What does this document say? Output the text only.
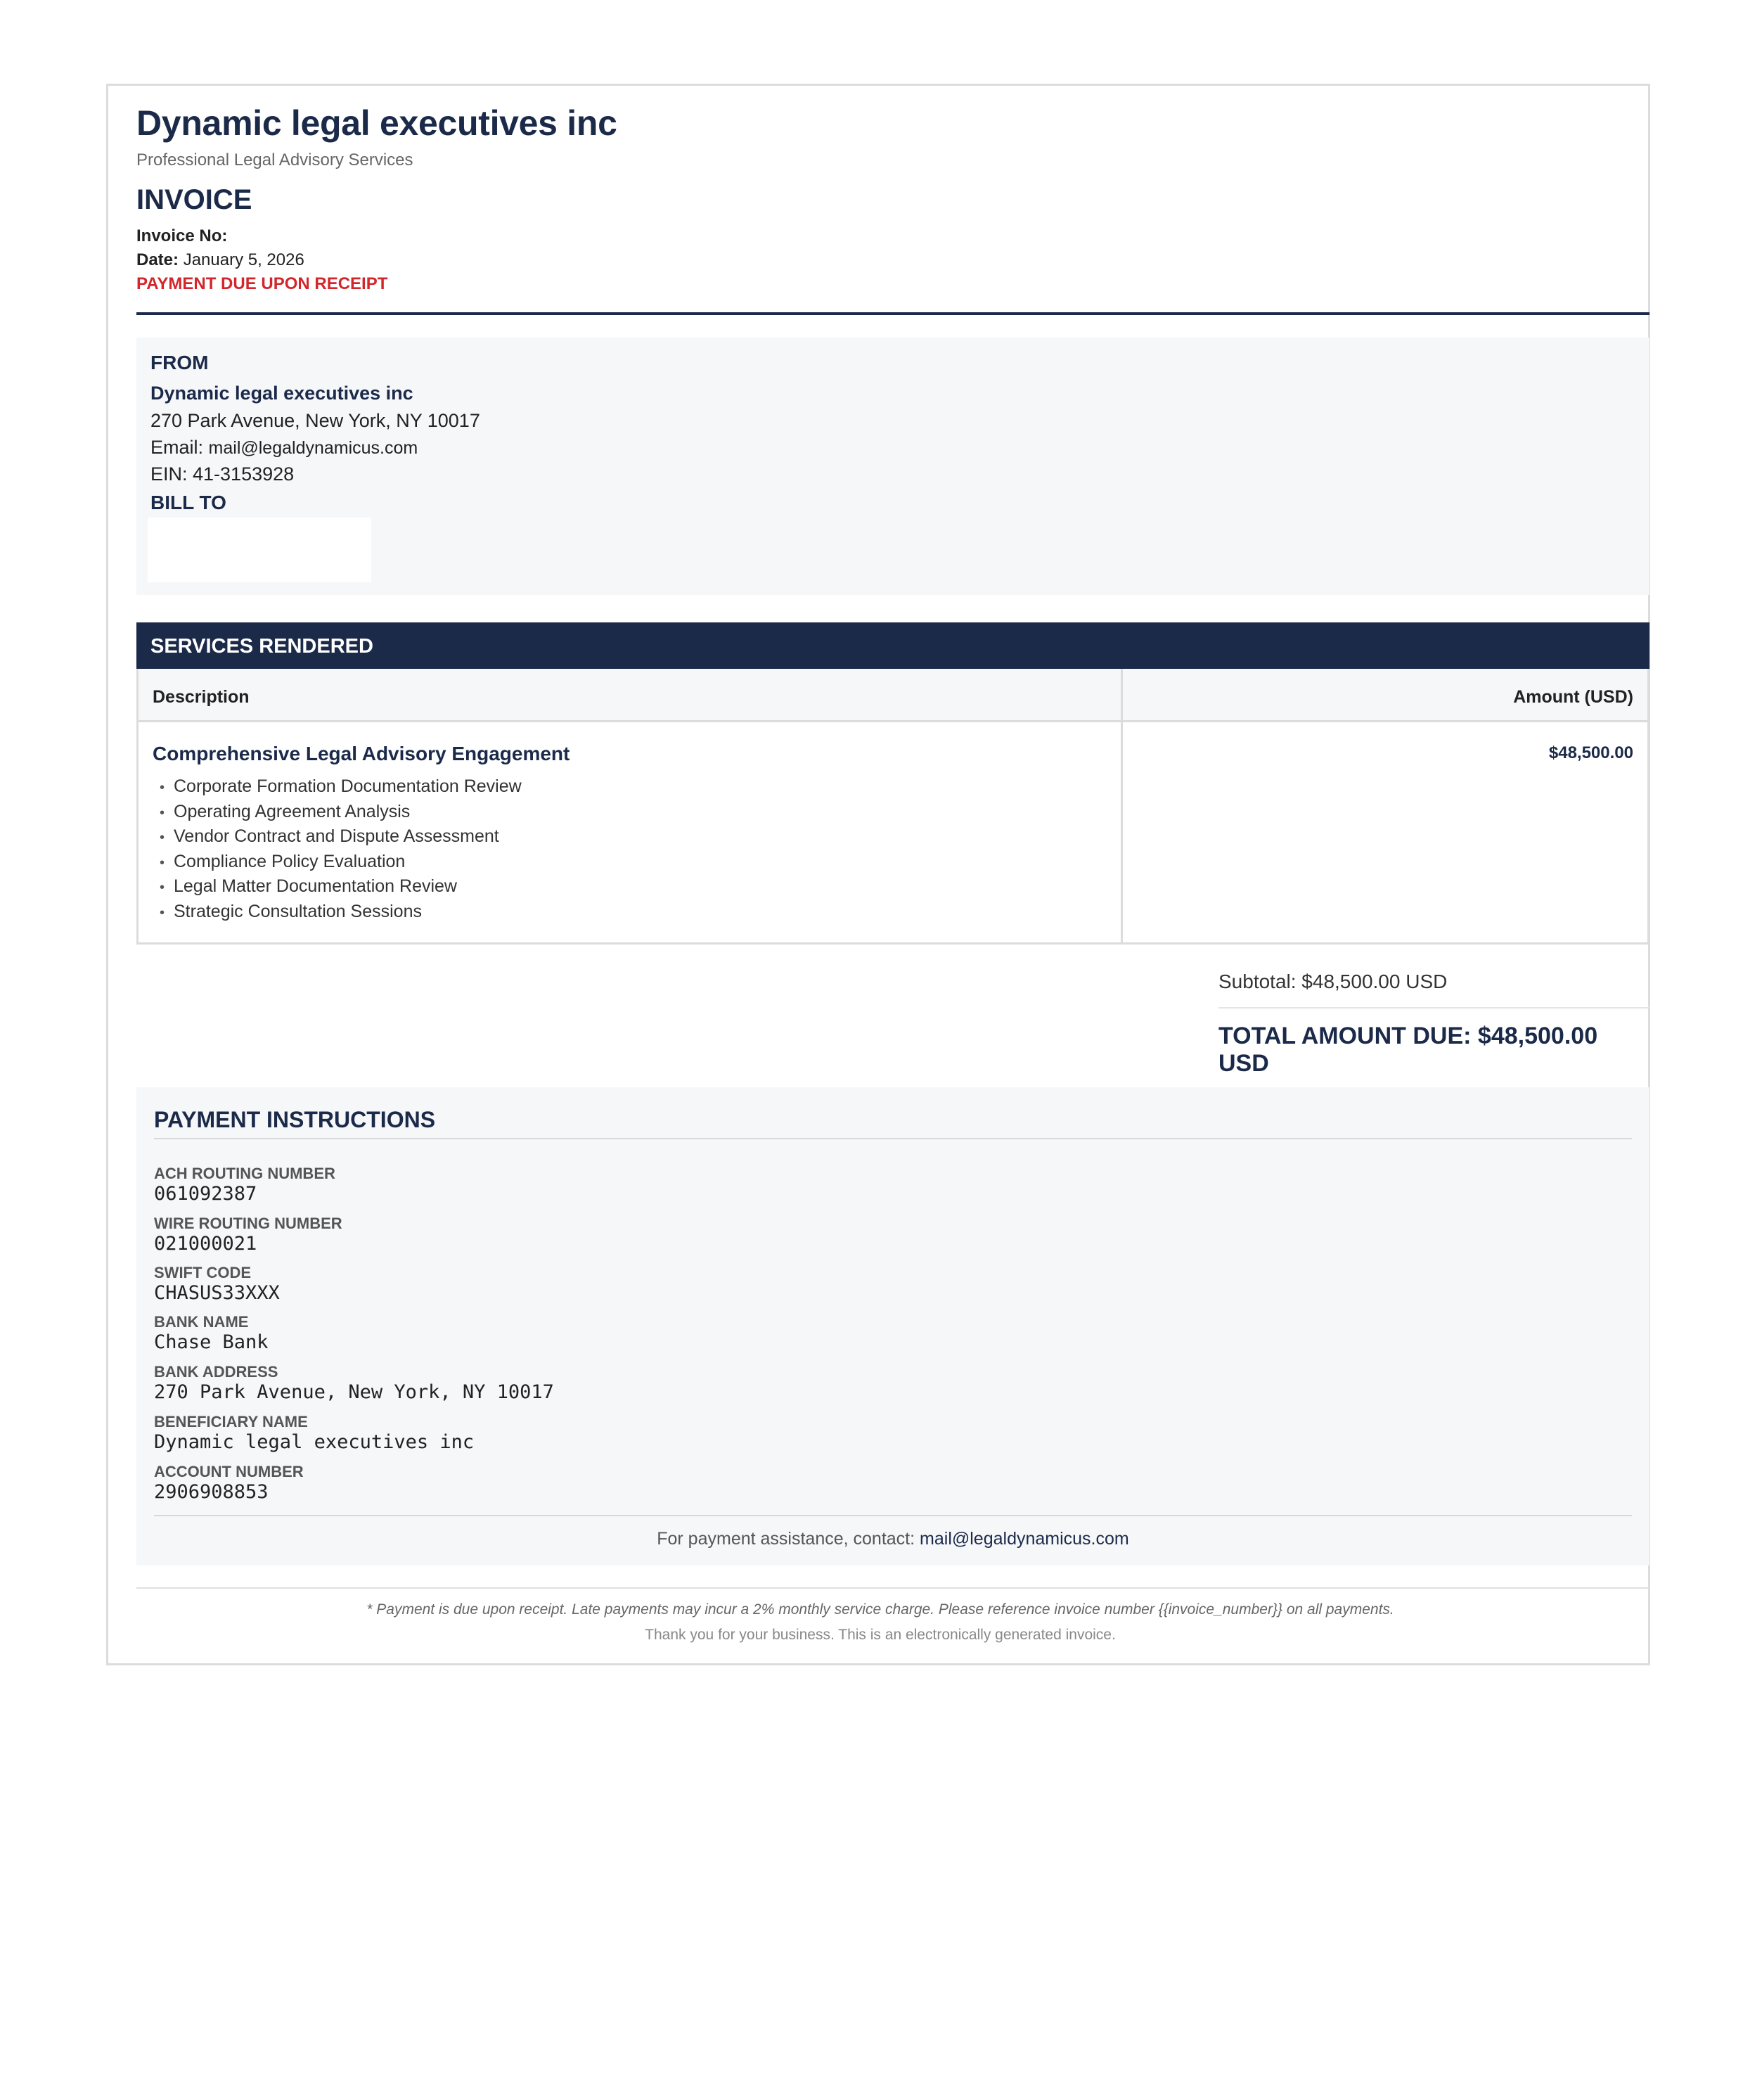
Dynamic legal executives inc
Professional Legal Advisory Services
INVOICE
Invoice No:
Date: January 5, 2026
PAYMENT DUE UPON RECEIPT
FROM
Dynamic legal executives inc
270 Park Avenue, New York, NY 10017
Email: mail@legaldynamicus.com
EIN: 41-3153928
BILL TO
SERVICES RENDERED
Description	Amount (USD)
Comprehensive Legal Advisory Engagement	$48,500.00
• Corporate Formation Documentation Review
• Operating Agreement Analysis
• Vendor Contract and Dispute Assessment
• Compliance Policy Evaluation
• Legal Matter Documentation Review
• Strategic Consultation Sessions
Subtotal: $48,500.00 USD
TOTAL AMOUNT DUE: $48,500.00 USD
PAYMENT INSTRUCTIONS
ACH ROUTING NUMBER
061092387
WIRE ROUTING NUMBER
021000021
SWIFT CODE
CHASUS33XXX
BANK NAME
Chase Bank
BANK ADDRESS
270 Park Avenue, New York, NY 10017
BENEFICIARY NAME
Dynamic legal executives inc
ACCOUNT NUMBER
2906908853
For payment assistance, contact: mail@legaldynamicus.com
* Payment is due upon receipt. Late payments may incur a 2% monthly service charge. Please reference invoice number {{invoice_number}} on all payments.
Thank you for your business. This is an electronically generated invoice.
